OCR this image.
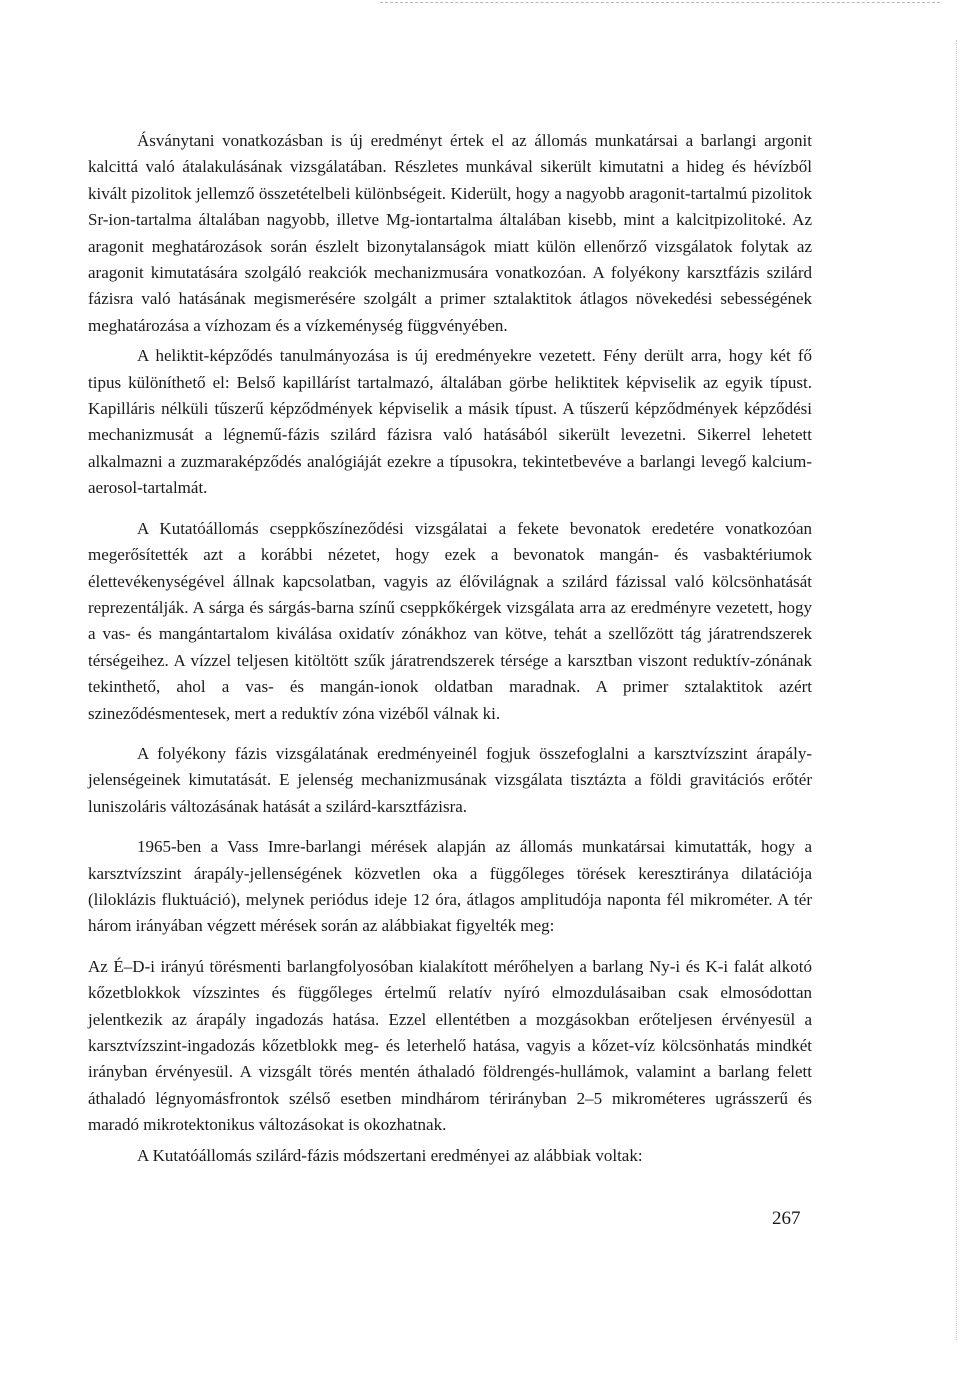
Ásványtani vonatkozásban is új eredményt értek el az állomás munkatársai a barlangi argonit kalcittá való átalakulásának vizsgálatában. Részletes munkával sikerült kimutatni a hideg és hévízből kivált pizolitok jellemző összetételbeli különbségeit. Kiderült, hogy a nagyobb aragonit-tartalmú pizolitok Sr-ion-tartalma általában nagyobb, illetve Mg-iontartalma általában kisebb, mint a kalcitpizolitoké. Az aragonit meghatározások során észlelt bizonytalanságok miatt külön ellenőrző vizsgálatok folytak az aragonit kimutatására szolgáló reakciók mechanizmusára vonatkozóan. A folyékony karsztfázis szilárd fázisra való hatásának megismerésére szolgált a primer sztalaktitok átlagos növekedési sebességének meghatározása a vízhozam és a vízkeménység függvényében.

A heliktit-képződés tanulmányozása is új eredményekre vezetett. Fény derült arra, hogy két fő tipus különíthető el: Belső kapilláríst tartalmazó, általában görbe heliktitek képviselik az egyik típust. Kapilláris nélküli tűszerű képződmények képviselik a másik típust. A tűszerű képződmények képződési mechanizmusát a légnemű-fázis szilárd fázisra való hatásából sikerült levezetni. Sikerrel lehetett alkalmazni a zuzmaraképződés analógiáját ezekre a típusokra, tekintetbevéve a barlangi levegő kalcium-aerosol-tartalmát.

A Kutatóállomás cseppkőszíneződési vizsgálatai a fekete bevonatok eredetére vonatkozóan megerősítették azt a korábbi nézetet, hogy ezek a bevonatok mangán- és vasbaktériumok élettevékenységével állnak kapcsolatban, vagyis az élővilágnak a szilárd fázissal való kölcsönhatását reprezentálják. A sárga és sárgás-barna színű cseppkőkérgek vizsgálata arra az eredményre vezetett, hogy a vas- és mangántartalom kiválása oxidatív zónákhoz van kötve, tehát a szellőzött tág járatrendszerek térségeihez. A vízzel teljesen kitöltött szűk járatrendszerek térsége a karsztban viszont reduktív-zónának tekinthető, ahol a vas- és mangán-ionok oldatban maradnak. A primer sztalaktitok azért szineződésmentesek, mert a reduktív zóna vizéből válnak ki.

A folyékony fázis vizsgálatának eredményeinél fogjuk összefoglalni a karsztvízszint árapály-jelenségeinek kimutatását. E jelenség mechanizmusának vizsgálata tisztázta a földi gravitációs erőtér luniszoláris változásának hatását a szilárd-karsztfázisra.

1965-ben a Vass Imre-barlangi mérések alapján az állomás munkatársai kimutatták, hogy a karsztvízszint árapály-jellenségének közvetlen oka a függőleges törések keresztiránya dilatációja (liloklázis fluktuáció), melynek periódus ideje 12 óra, átlagos amplitudója naponta fél mikrométer. A tér három irányában végzett mérések során az alábbiakat figyelték meg:

Az É–D-i irányú törésmenti barlangfolyosóban kialakított mérőhelyen a barlang Ny-i és K-i falát alkotó kőzetblokkok vízszintes és függőleges értelmű relatív nyíró elmozdulásaiban csak elmosódottan jelentkezik az árapály ingadozás hatása. Ezzel ellentétben a mozgásokban erőteljesen érvényesül a karsztvízszint-ingadozás kőzetblokk meg- és leterhelő hatása, vagyis a kőzet-víz kölcsönhatás mindkét irányban érvényesül. A vizsgált törés mentén áthaladó földrengés-hullámok, valamint a barlang felett áthaladó légnyomásfrontok szélső esetben mindhárom térirányban 2–5 mikrométeres ugrásszerű és maradó mikrotektonikus változásokat is okozhatnak.

A Kutatóállomás szilárd-fázis módszertani eredményei az alábbiak voltak:

267
